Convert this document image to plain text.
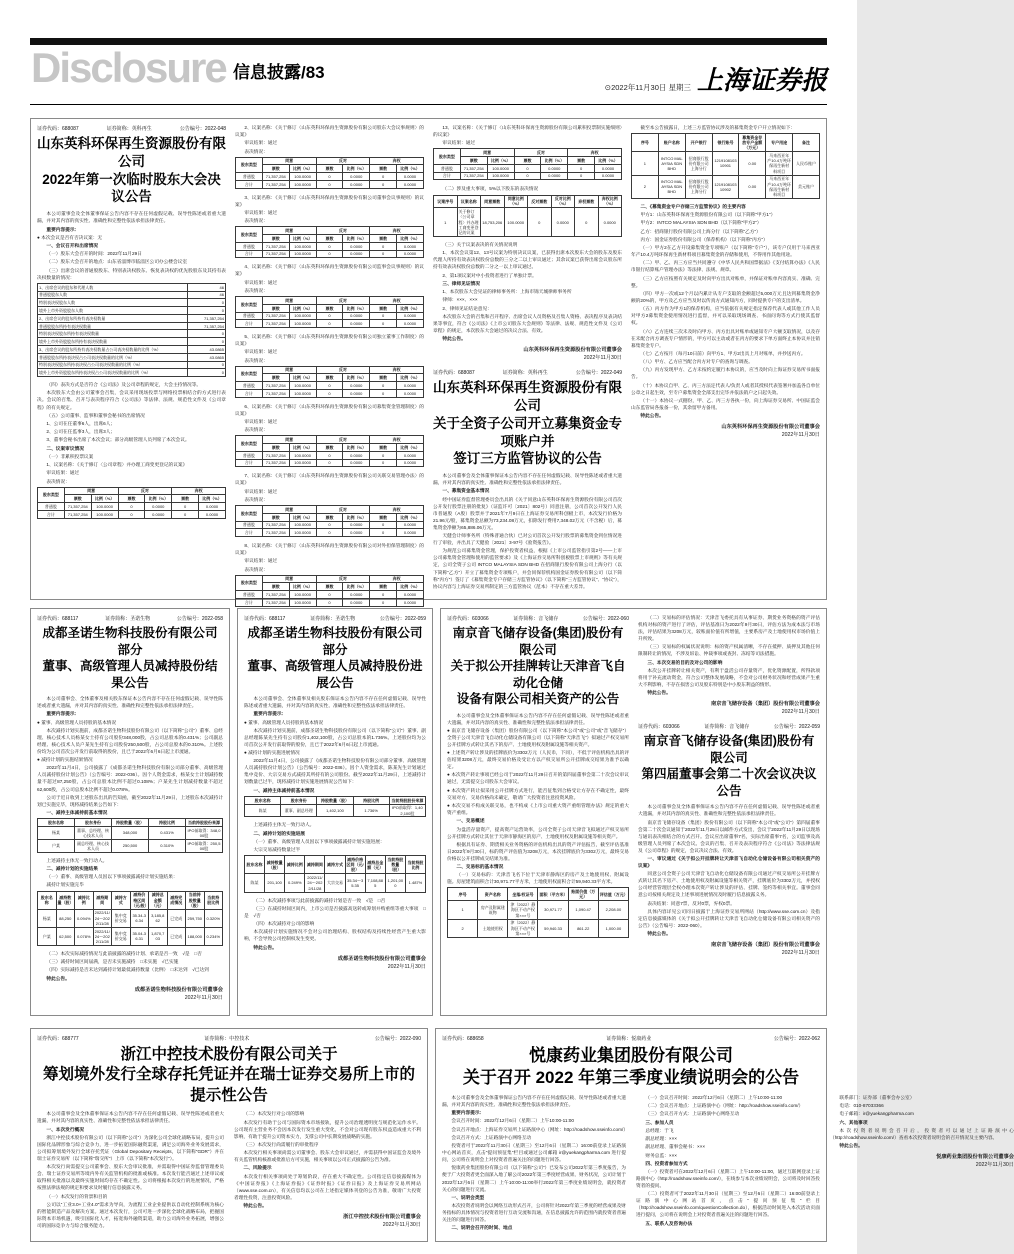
Disclosure 信息披露/83
⊙2022年11月30日 星期三 上海证券报
证券代码：688087	证券简称：英科再生	公告编号：2022-048
山东英科环保再生资源股份有限公司
2022年第一次临时股东大会决议公告

本公司董事会及全体董事保证公告内容不存在任何虚假记载、误导性陈述或者重大遗漏，并对其内容的真实性、准确性和完整性依法承担法律责任。

重要内容提示：

● 本次会议是否有否决议案：无

一、会议召开和出席情况

（一）股东大会召开的时间：2022年11月29日

（二）股东大会召开的地点：山东省淄博市临淄区公司办公楼会议室

（三）出席会议的普通股股东、特别表决权股东、恢复表决权的优先股股东及其持有表决权数量的情况：

1、出席会议的股东和代理人数	46
普通股股东人数	46
特别表决权股东人数	0
境外上市外资股股东人数	0
2、出席会议的股东所持有表决权数量	71,357,254
普通股股东所持有表决权数量	71,357,254
特别表决权股东所持有表决权数量	0
境外上市外资股股东所持有表决权数量	0
3、出席会议的股东所持有表决权数量占公司表决权数量的比例（%）	43.0865
普通股股东所持表决权占公司表决权数量的比例（%）	43.0865
特别表决权股东所持表决权占公司表决权数量的比例（%）	0
境外上市外资股股东所持表决权占公司表决权数量的比例（%）	0

（四）表决方式是否符合《公司法》及公司章程的规定，大会主持情况等。

本次股东大会由公司董事会召集，会议采用现场投票与网络投票相结合的方式进行表决。会议的召集、召开与表决程序符合《公司法》等法律、法规、规范性文件及《公司章程》的有关规定。

（五）公司董事、监事和董事会秘书的出席情况

1、公司在任董事6人，出席6人；

2、公司在任监事3人，出席3人；

3、董事会秘书出席了本次会议；部分高级管理人员列席了本次会议。

二、议案审议情况

（一）非累积投票议案

1、议案名称：《关于修订〈公司章程〉并办理工商变更登记的议案》

审议结果：通过

表决情况：

股东类型	同意		反对		弃权	
	票数	比例（%）	票数	比例（%）	票数	比例（%）
普通股	71,357,254	100.0000	0	0.0000	0	0.0000
合计	71,357,254	100.0000	0	0.0000	0	0.0000

2、议案名称：《关于修订〈山东英科环保再生资源股份有限公司股东大会议事规则〉的议案》

审议结果：通过

表决情况：

股东类型	同意		反对		弃权	
	票数	比例（%）	票数	比例（%）	票数	比例（%）
普通股	71,357,254	100.0000	0	0.0000	0	0.0000
合计	71,357,254	100.0000	0	0.0000	0	0.0000

3、议案名称：《关于修订〈山东英科环保再生资源股份有限公司董事会议事规则〉的议案》

审议结果：通过

表决情况：

股东类型	同意		反对		弃权	
	票数	比例（%）	票数	比例（%）	票数	比例（%）
普通股	71,357,254	100.0000	0	0.0000	0	0.0000
合计	71,357,254	100.0000	0	0.0000	0	0.0000

4、议案名称：《关于修订〈山东英科环保再生资源股份有限公司监事会议事规则〉的议案》

审议结果：通过

表决情况：

股东类型	同意		反对		弃权	
	票数	比例（%）	票数	比例（%）	票数	比例（%）
普通股	71,357,254	100.0000	0	0.0000	0	0.0000
合计	71,357,254	100.0000	0	0.0000	0	0.0000

5、议案名称：《关于修订〈山东英科环保再生资源股份有限公司独立董事工作制度〉的议案》

审议结果：通过

表决情况：

股东类型	同意		反对		弃权	
	票数	比例（%）	票数	比例（%）	票数	比例（%）
普通股	71,357,254	100.0000	0	0.0000	0	0.0000
合计	71,357,254	100.0000	0	0.0000	0	0.0000

6、议案名称：《关于修订〈山东英科环保再生资源股份有限公司募集资金管理制度〉的议案》

审议结果：通过

表决情况：

股东类型	同意		反对		弃权	
	票数	比例（%）	票数	比例（%）	票数	比例（%）
普通股	71,357,254	100.0000	0	0.0000	0	0.0000
合计	71,357,254	100.0000	0	0.0000	0	0.0000

7、议案名称：《关于修订〈山东英科环保再生资源股份有限公司关联交易管理办法〉的议案》

审议结果：通过

表决情况：

股东类型	同意		反对		弃权	
	票数	比例（%）	票数	比例（%）	票数	比例（%）
普通股	71,357,254	100.0000	0	0.0000	0	0.0000
合计	71,357,254	100.0000	0	0.0000	0	0.0000

8、议案名称：《关于修订〈山东英科环保再生资源股份有限公司对外担保管理制度〉的议案》

审议结果：通过

表决情况：

股东类型	同意		反对		弃权	
	票数	比例（%）	票数	比例（%）	票数	比例（%）
普通股	71,357,254	100.0000	0	0.0000	0	0.0000
合计	71,357,254	100.0000	0	0.0000	0	0.0000

13、议案名称：《关于修订〈山东英科环保再生资源股份有限公司累积投票制实施细则〉的议案》

审议结果：通过

股东类型	同意		反对		弃权	
	票数	比例（%）	票数	比例（%）	票数	比例（%）
普通股	71,357,254	100.0000	0	0.0000	0	0.0000
合计	71,357,254	100.0000	0	0.0000	0	0.0000

（二）涉及重大事项，5%以下股东的表决情况

议案序号	议案名称	同意票数	同意比例（%）	反对票数	反对比例（%）	弃权票数	弃权比例（%）
1	关于修订〈公司章程〉并办理工商变更登记的议案	18,753,206	100.0000	0	0.0000	0	0.0000

（三）关于议案表决的有关情况说明

1、本次会议第12、13号议案为特别决议议案，已获得出席本次股东大会的股东及股东代理人所持有效表决权股份总数的三分之二以上审议通过；其余议案已获得出席会议股东所持有效表决权股份总数的二分之一以上审议通过。

2、第1项议案对中小投资者进行了单独计票。

三、律师见证情况

1、本次股东大会见证的律师事务所：上海市锦天城律师事务所

律师：×××、×××

2、律师见证结论意见：

本次股东大会的召集和召开程序、出席会议人员资格及召集人资格、表决程序及表决结果等事宜，符合《公司法》《上市公司股东大会规则》等法律、法规、规范性文件及《公司章程》的规定，本次股东大会通过的决议合法、有效。

特此公告。

山东英科环保再生资源股份有限公司董事会
2022年11月30日
证券代码：688087	证券简称：英科再生	公告编号：2022-049
山东英科环保再生资源股份有限公司
关于全资子公司开立募集资金专项账户并
签订三方监管协议的公告

本公司董事会及全体董事保证本公告内容不存在任何虚假记载、误导性陈述或者重大遗漏，并对其内容的真实性、准确性和完整性依法承担法律责任。

一、募集资金基本情况

经中国证券监督管理委员会出具的《关于同意山东英科环保再生资源股份有限公司首次公开发行股票注册的批复》（证监许可〔2021〕802号）同意注册，公司首次公开发行人民币普通股（A股）股票并于2021年7月9日在上海证券交易所科创板上市，本次发行价格为21.96元/股，募集资金总额为73,234.08万元，扣除发行费用7,348.02万元（不含税）后，募集资金净额为65,886.06万元。

天健会计师事务所（特殊普通合伙）已对公司首次公开发行股票的募集资金到位情况进行了审验，并出具了天健验〔2021〕3-97号《验资报告》。

为规范公司募集资金管理，保护投资者权益，根据《上市公司监管指引第2号——上市公司募集资金管理和使用的监管要求》及《上海证券交易所科创板股票上市规则》等有关规定，公司全资子公司 INTCO MALAYSIA SDN BHD 在招商银行股份有限公司上海分行（以下简称“乙方”）开立了募集资金专项账户，并会同保荐机构国金证券股份有限公司（以下简称“丙方”）签订了《募集资金专户存储三方监管协议》（以下简称“三方监管协议”、“协议”），协议内容与上海证券交易所制定的三方监管协议（范本）不存在重大差异。

截至本公告披露日，上述三方监管协议涉及的募集资金专户开立情况如下：

序号	账户名称	开户银行	银行账号	募集资金存放专户金额（万元）	专户用途	备注
1	INTCO MALAYSIA SDN BHD	招商银行股份有限公司上海分行	121910810310901	0.00	马来西亚年产10.4万吨环保再生新材料项目	人民币账户
2	INTCO MALAYSIA SDN BHD	招商银行股份有限公司上海分行	121910810310902	0.00	马来西亚年产10.4万吨环保再生新材料项目	美元账户

二、《募集资金专户存储三方监管协议》的主要内容

甲方1：山东英科环保再生资源股份有限公司（以下简称“甲方1”）

甲方2：INTCO MALAYSIA SDN BHD（以下简称“甲方2”）

乙方：招商银行股份有限公司上海分行（以下简称“乙方”）

丙方：国金证券股份有限公司（保荐机构）（以下简称“丙方”）

（一）甲方2在乙方开设募集资金专项账户（以下简称“专户”），该专户仅用于马来西亚年产10.4万吨环保再生新材料项目募集资金的存储和使用，不得用作其他用途。

（二）甲、乙、丙三方应当共同遵守《中华人民共和国票据法》《支付结算办法》《人民币银行结算账户管理办法》等法律、法规、规章。

（三）乙方应按照有关规定及时向甲方出具对账单，并保证对账单内容真实、准确、完整。

（四）甲方一次或12个月以内累计从专户支取的金额超过5,000万元且达到募集资金净额的20%的，甲方及乙方应当及时以传真方式通知丙方，同时提供专户的支出清单。

（五）丙方作为甲方1的保荐机构，应当依据有关规定指定保荐代表人或其他工作人员对甲方2募集资金使用情况进行监督，并可以采取现场调查、书面问询等方式行使其监督权。

（六）乙方连续三次未及时向甲方、丙方出具对账单或通知专户大额支取情况，以及存在未配合丙方调查专户情形的，甲方可以主动或者在丙方的要求下单方面终止本协议并注销募集资金专户。

（七）乙方按月（每月10日前）向甲方1、甲方2出具上月对账单，并抄送丙方。

（八）甲方、乙方应当配合丙方对专户的查询与调查。

（九）丙方发现甲方、乙方未按约定履行本协议的，应当及时向上海证券交易所书面报告。

（十）本协议自甲、乙、丙三方法定代表人/负责人或者其授权代表签署并加盖各自单位公章之日起生效，至专户募集资金全部支出完毕并依法销户之日起失效。

（十一）本协议一式捌份，甲、乙、丙三方各执一份，向上海证券交易所、中国证监会山东监管局各报备一份，其余留甲方备用。

特此公告。

山东英科环保再生资源股份有限公司董事会
2022年11月30日
证券代码：688117	证券简称：圣诺生物	公告编号：2022-058
成都圣诺生物科技股份有限公司部分
董事、高级管理人员减持股份结果公告

本公司董事会、全体董事及相关股东保证本公告内容不存在任何虚假记载、误导性陈述或者重大遗漏，并对其内容的真实性、准确性和完整性依法承担法律责任。

重要内容提示：

● 董事、高级管理人员持股的基本情况

本次减持计划实施前，成都圣诺生物科技股份有限公司（以下简称“公司”）董事、总经理、核心技术人员杨某女士持有公司股份348,000股，占公司总股本的0.431%；公司副总经理、核心技术人员户某先生持有公司股份250,500股，占公司总股本的0.310%。上述股份均为公司首次公开发行前取得的股份，且已于2022年6月6日起上市流通。

● 减持计划的实施结果情况

2022年11月4日，公司披露了《成都圣诺生物科技股份有限公司部分董事、高级管理人员减持股份计划公告》（公告编号：2022-036）。因个人资金需求，杨某女士计划减持数量不超过87,250股，占公司总股本比例不超过0.108%；户某先生计划减持数量不超过62,600股，占公司总股本比例不超过0.078%。

公司于近日收到上述股东出具的告知函，截至2022年11月29日，上述股东本次减持计划已实施完毕，现将减持结果公告如下：

一、减持主体减持前基本情况

股东名称	股东身份	持股数量（股）	持股比例	当前持股股份来源
杨某	董事、总经理、核心技术人员	348,000	0.431%	IPO前取得：348,000股
户某	副总经理、核心技术人员	250,500	0.310%	IPO前取得：250,500股

上述减持主体无一致行动人。

二、减持计划的实施结果

（一）董事、高级管理人员因以下事项披露减持计划实施结果：

减持计划实施完毕

股东名称	减持数量（股）	减持比例	减持期间	减持方式	减持价格区间（元/股）	减持总金额（元）	减持完成情况	当前持股数量（股）	当前持股比例
杨某	88,250	0.094%	2022/11/24～2022/11/28	集中竞价交易	35.34-36.34	3,185,862	已完成	259,750	0.320%
户某	62,500	0.078%	2022/11/24～2022/11/28	集中竞价交易	35.04-36.31	1,870,703	已完成	188,000	0.234%

（二）本次实际减持情况与此前披露的减持计划、承诺是否一致　√是　□否

（三）减持时间区间届满，是否未实施减持　□未实施　√已实施

（四）实际减持是否未达到减持计划最低减持数量（比例）　□未达到　√已达到

特此公告。

成都圣诺生物科技股份有限公司董事会
2022年11月30日
证券代码：688117	证券简称：圣诺生物	公告编号：2022-059
成都圣诺生物科技股份有限公司部分
董事、高级管理人员减持股份进展公告

本公司董事会、全体董事及相关股东保证本公告内容不存在任何虚假记载、误导性陈述或者重大遗漏，并对其内容的真实性、准确性和完整性依法承担法律责任。

重要内容提示：

● 董事、高级管理人员持股的基本情况

本次减持计划实施前，成都圣诺生物科技股份有限公司（以下简称“公司”）董事、副总经理陈某先生持有公司股份1,402,100股，占公司总股本的1.736%。上述股份均为公司首次公开发行前取得的股份，且已于2022年6月6日起上市流通。

● 减持计划的实施进展情况

2022年11月4日，公司披露了《成都圣诺生物科技股份有限公司部分董事、高级管理人员减持股份计划公告》（公告编号：2022-036）。因个人资金需求，陈某先生计划通过集中竞价、大宗交易方式减持其所持有的公司股份。截至2022年11月29日，上述减持计划数量已过半，现将减持计划实施进展情况公告如下：

一、减持主体减持前基本情况

股东名称	股东身份	持股数量（股）	持股比例	当前持股股份来源
陈某	董事、副总经理	1,402,100	1.736%	IPO前取得：1,402,100股

上述减持主体无一致行动人。

二、减持计划的实施进展

（一）董事、高级管理人员因以下事项披露减持计划实施进展：

大宗交易减持数量过半

股东名称	减持数量（股）	减持比例	减持期间	减持方式	减持价格区间（元/股）	减持总金额（元）	当前持股数量（股）	当前持股比例
陈某	201,100	0.249%	2022/11/24～2022/11/28	大宗交易	35.34～35.35	7,108,885	1,201,000	1.487%

（二）本次减持事项与此前披露的减持计划是否一致　√是　□否

（三）在减持时间区间内，上市公司是否披露高送转或筹划并购重组等重大事项　□是　√否

（四）本次减持对公司的影响

本次减持计划实施情况不会对公司治理结构、股权结构及持续性经营产生重大影响，不会导致公司控制权发生变更。

特此公告。

成都圣诺生物科技股份有限公司董事会
2022年11月30日
证券代码：603066	证券简称：音飞储存	公告编号：2022-060
南京音飞储存设备(集团)股份有限公司
关于拟公开挂牌转让天津音飞自动化仓储
设备有限公司相关资产的公告

本公司董事会及全体董事保证本公告内容不存在任何虚假记载、误导性陈述或者重大遗漏，并对其内容的真实性、准确性和完整性依法承担法律责任。

● 南京音飞储存设备（集团）股份有限公司（以下简称“本公司”或“公司”或“音飞储存”）全资子公司天津音飞自动化仓储设备有限公司（以下简称“天津音飞”）拟通过产权交易所公开挂牌方式转让其名下的房产、土地使用权及附属设施等相关资产。

● 上述资产转让涉及的挂牌底价为3302万元（人民币，下同），不低于评估机构出具的评估结果3208万元，最终交易价格及受让方以产权交易所公开挂牌成交结果为准予以确定。

● 本次资产转让事项已经公司于2022年11月29日召开的第四届董事会第二十次会议审议通过，无需提交公司股东大会审议。

● 本次资产转让拟采用公开挂牌方式进行，能否征集到合格受让方存在不确定性，最终交易对方、交易价格尚未确定，敬请广大投资者注意投资风险。

● 本次交易不构成关联交易，也不构成《上市公司重大资产重组管理办法》规定的重大资产重组。

一、交易概述

为盘活存量资产，提高资产运营效率，公司全资子公司天津音飞拟通过产权交易所公开挂牌方式转让其位于天津市静海区的房产、土地使用权及附属设施等相关资产。

根据具有证券、期货相关业务资格的评估机构出具的资产评估报告，截至评估基准日2022年9月30日，标的资产评估值为3208万元，本次挂牌底价为3302万元，最终交易价格以公开挂牌成交结果为准。

二、交易标的基本情况

（一）交易标的：天津音飞名下位于天津市静海区的房产及土地使用权、附属设施。房屋建筑面积合计30,971.77平方米，土地使用权面积合计59,940.33平方米。

序号	资产名称	坐落/权证号	面积（平方米）	账面价值（万元）	评估值（万元）
1	房产及附属建筑物	津（2022）静海区不动产权第×××号	30,971.77	1,090.47	2,208.00
2	土地使用权	津（2022）静海区不动产权第×××号	59,940.33	861.22	1,000.00

（二）交易标的评估情况：天津音飞委托具有从事证券、期货业务资格的资产评估机构对标的资产进行了评估，评估基准日为2022年9月30日，评估方法为成本法与市场法，评估结果为3208万元，较账面价值有所增值，主要系房产及土地使用权市场价值上升所致。

（三）交易标的权属状况说明：标的资产权属清晰，不存在抵押、质押及其他任何限制转让的情况，不涉及诉讼、仲裁事项或查封、冻结等司法措施。

三、本次交易的目的及对公司的影响

本次公开挂牌转让相关资产，有利于盘活公司存量资产，优化资源配置，所得款项将用于补充流动资金，符合公司整体发展战略，不会对公司财务状况和经营成果产生重大不利影响，不存在损害公司及股东特别是中小股东利益的情形。

特此公告。

南京音飞储存设备（集团）股份有限公司董事会
2022年11月30日
证券代码：603066	证券简称：音飞储存	公告编号：2022-059
南京音飞储存设备(集团)股份有限公司
第四届董事会第二十次会议决议公告

本公司董事会及全体董事保证本公告内容不存在任何虚假记载、误导性陈述或者重大遗漏，并对其内容的真实性、准确性和完整性依法承担法律责任。

南京音飞储存设备（集团）股份有限公司（以下简称“本公司”或“公司”）第四届董事会第二十次会议通知于2022年11月25日以邮件方式发出，会议于2022年11月29日以现场与通讯表决相结合的方式召开。会议应出席董事7名，实际出席董事7名，公司监事及高级管理人员列席了本次会议。会议的召集、召开及表决程序符合《公司法》等法律法规及《公司章程》的规定，会议决议合法、有效。

一、审议通过《关于拟公开挂牌转让天津音飞自动化仓储设备有限公司相关资产的议案》

同意公司全资子公司天津音飞自动化仓储设备有限公司通过产权交易所公开挂牌方式转让其名下房产、土地使用权及附属设施等相关资产，挂牌底价为3302万元，并授权公司经营管理层全权办理本次资产转让涉及的评估、挂牌、签约等相关事宜。董事会同意公司按相关规定及上述事项进展情况及时履行信息披露义务。

表决结果：同意7票，反对0票，弃权0票。

具体内容详见公司同日披露于上海证券交易所网站（http://www.sse.com.cn）及指定信息披露媒体的《关于拟公开挂牌转让天津音飞自动化仓储设备有限公司相关资产的公告》（公告编号：2022-060）。

特此公告。

南京音飞储存设备（集团）股份有限公司董事会
2022年11月30日
证券代码：688777	证券简称：中控技术	公告编号：2022-090
浙江中控技术股份有限公司关于
筹划境外发行全球存托凭证并在瑞士证券交易所上市的
提示性公告

本公司董事会及全体董事保证本公告内容不存在任何虚假记载、误导性陈述或者重大遗漏，并对其内容的真实性、准确性和完整性依法承担法律责任。

一、本次发行概况

浙江中控技术股份有限公司（以下简称“公司”）为深化公司全球化战略布局，提升公司国际化品牌形象与综合竞争力，进一步拓宽国际融资渠道，满足公司海外业务发展需求，公司拟筹划境外发行全球存托凭证（Global Depositary Receipts，以下简称“GDR”）并在瑞士证券交易所（以下简称“瑞交所”）上市（以下简称“本次发行”）。

本次发行尚需提交公司董事会、股东大会审议批准，并需取得中国证券监督管理委员会、瑞士证券交易所等境内外有关监管机构的批准或核准。本次发行能否通过上述审议或取得相关批准以及最终实施时间均存在不确定性。公司将根据本次发行的进展情况，严格按照法律法规的规定和要求及时履行信息披露义务。

（一）本次发行的背景和目的

公司以“工业3.0+工业4.0”需求为导向，为流程工业企业提供以自动化控制系统为核心的智能制造产品及解决方案。通过本次发行，公司可进一步深化全球化战略布局，把握国际资本市场机遇，吸引国际化人才，拓宽海外融资渠道，助力公司海外业务拓展，增强公司的国际竞争力与综合服务能力。

（二）本次发行对公司的影响

本次发行有助于公司与国际资本市场接轨，提升公司治理透明度与规范化运作水平。公司现有主营业务不会因本次发行发生重大变化，不会对公司现有股东权益造成重大不利影响，有助于提升公司资本实力，支撑公司中长期发展战略的实施。

（三）本次发行尚需履行的审批程序

本次发行相关事项尚需公司董事会、股东大会审议通过，并需获得中国证监会及境外有关监管机构核准或批准后方可实施，相关事项以公司正式披露的公告为准。

二、风险提示

本次发行相关事项尚处于筹划阶段，存在重大不确定性。公司指定信息披露媒体为《中国证券报》《上海证券报》《证券时报》《证券日报》及上海证券交易所网站（www.sse.com.cn），有关信息均以公司在上述指定媒体刊登的公告为准，敬请广大投资者理性投资，注意投资风险。

特此公告。

浙江中控技术股份有限公司董事会
2022年11月30日
证券代码：688658	证券简称：悦康药业	公告编号：2022-062
悦康药业集团股份有限公司
关于召开 2022 年第三季度业绩说明会的公告

本公司董事会及全体董事保证公告内容不存在任何虚假记载、误导性陈述或者重大遗漏，并对其内容的真实性、准确性和完整性依法承担法律责任。

重要内容提示：

会议召开时间：2022年12月6日（星期二）上午10:00-11:00

会议召开地点：上海证券交易所上证路演中心（网址：http://roadshow.sseinfo.com/）

会议召开方式：上证路演中心网络互动

投资者可于2022年11月30日（星期三）至12月6日（星期二）16:00前登录上证路演中心网站首页，点击“提问预征集”栏目或通过公司邮箱 ir@yuekangpharma.com 进行提问，公司将在说明会上对投资者普遍关注的问题进行回答。

悦康药业集团股份有限公司（以下简称“公司”）已发布公司2022年第三季度报告，为便于广大投资者更全面深入地了解公司2022年第三季度经营成果、财务状况，公司计划于2022年12月6日（星期二）上午10:00-11:00举行2022年第三季度业绩说明会，就投资者关心的问题进行交流。

一、说明会类型

本次投资者说明会以网络互动形式召开，公司将针对2022年第三季度的经营成果及财务指标的具体情况与投资者进行互动交流和沟通，在信息披露允许的范围内就投资者普遍关注的问题进行回答。

二、说明会召开的时间、地点

（一）会议召开时间：2022年12月6日（星期二）上午10:00-11:00

（二）会议召开地点：上证路演中心（网址：http://roadshow.sseinfo.com/）

（三）会议召开方式：上证路演中心网络互动

三、参加人员

总经理：于飞

副总经理：×××

副总经理、董事会秘书：×××

财务总监：×××

四、投资者参加方式

（一）投资者可在2022年12月6日（星期二）上午10:00-11:00，通过互联网登录上证路演中心（http://roadshow.sseinfo.com/），在线参与本次业绩说明会，公司将及时回答投资者的提问。

（二）投资者可于2022年11月30日（星期三）至12月6日（星期二）16:00前登录上证路演中心网站首页，点击“提问预征集”栏目（http://roadshow.sseinfo.com/questionCollection.do），根据活动时间进入本次活动页面进行提问，公司将在说明会上对投资者普遍关注的问题进行回答。

五、联系人及咨询办法

联系部门：证券部（董事会办公室）

电话：010-87033366

电子邮箱：ir@yuekangpharma.com

六、其他事项

本次投资者说明会召开后，投资者可以通过上证路演中心（http://roadshow.sseinfo.com/）查看本次投资者说明会的召开情况及主要内容。

特此公告。

悦康药业集团股份有限公司董事会
2022年11月30日
